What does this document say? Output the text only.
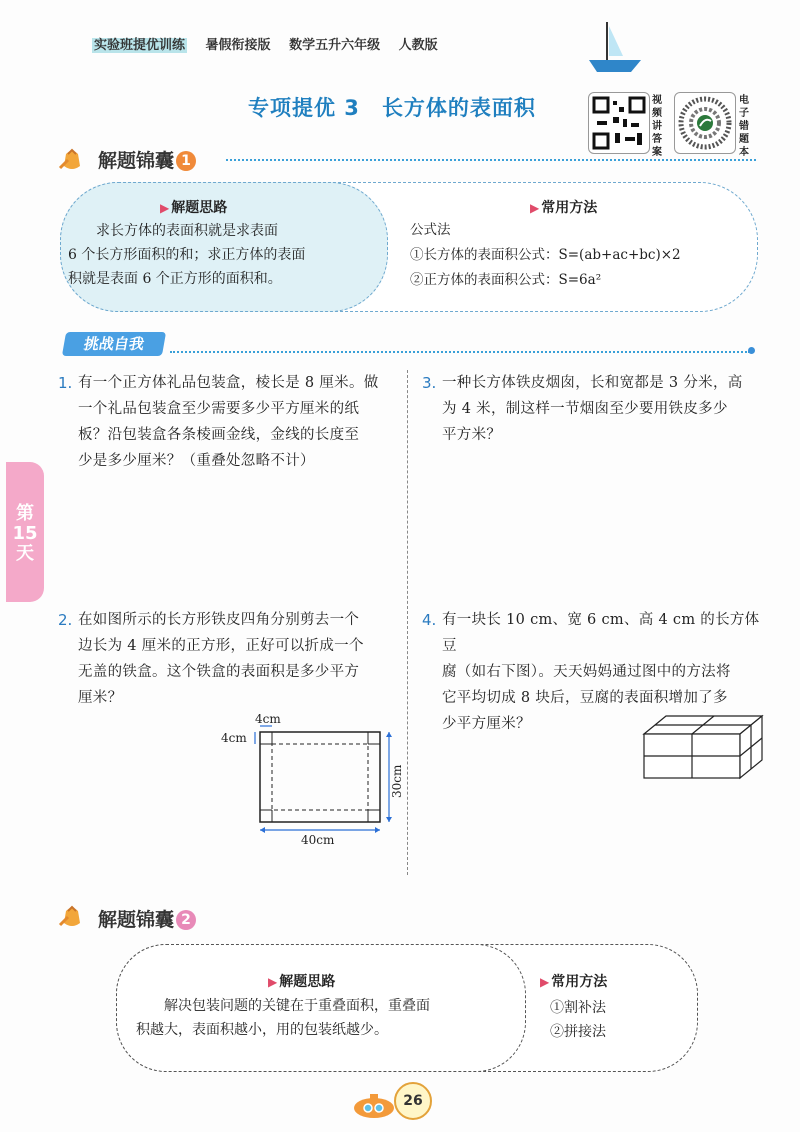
实验班提优训练 暑假衔接版 数学五升六年级 人教版
专项提优 3 长方体的表面积	视频讲答案
电子错题本
解题锦囊 1
▶ 解题思路
求长方体的表面积就是求表面
6 个长方形面积的和；求正方体的表面
积就是表面 6 个正方形的面积和。
▶ 常用方法
公式法
①长方体的表面积公式：S=(ab+ac+bc)×2
②正方体的表面积公式：S=6a²
挑战自我
第
15
天
1. 有一个正方体礼品包装盒，棱长是 8 厘米。做
一个礼品包装盒至少需要多少平方厘米的纸
板？沿包装盒各条棱画金线，金线的长度至
少是多少厘米？（重叠处忽略不计）
3. 一种长方体铁皮烟囱，长和宽都是 3 分米，高
为 4 米，制这样一节烟囱至少要用铁皮多少
平方米？
2. 在如图所示的长方形铁皮四角分别剪去一个
边长为 4 厘米的正方形，正好可以折成一个
无盖的铁盒。这个铁盒的表面积是多少平方
厘米？
4. 有一块长 10 cm、宽 6 cm、高 4 cm 的长方体豆
腐（如右下图）。天天妈妈通过图中的方法将
它平均切成 8 块后，豆腐的表面积增加了多
少平方厘米？
4cm
4cm
40cm
30cm
解题锦囊 2
▶ 解题思路
解决包装问题的关键在于重叠面积，重叠面
积越大，表面积越小，用的包装纸越少。
▶ 常用方法
①割补法
②拼接法
26
